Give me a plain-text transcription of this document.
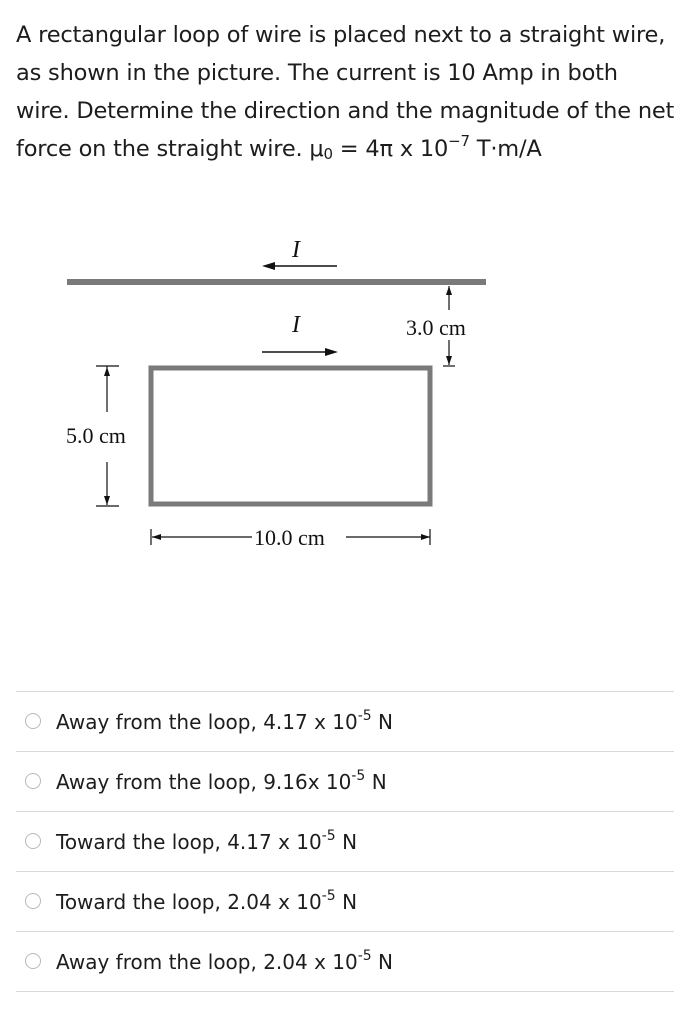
A rectangular loop of wire is placed next to a straight wire, as shown in the picture. The current is 10 Amp in both wire. Determine the direction and the magnitude of the net force on the straight wire. $\mu_0 = 4\pi$ x $10^{-7}$ T·m/A
I
I	3.0 cm
5.0 cm
10.0 cm
Away from the loop, 4.17 x $10^{-5}$ N
Away from the loop, 9.16x $10^{-5}$ N
Toward the loop, 4.17 x $10^{-5}$ N
Toward the loop, 2.04 x $10^{-5}$ N
Away from the loop, 2.04 x $10^{-5}$ N
